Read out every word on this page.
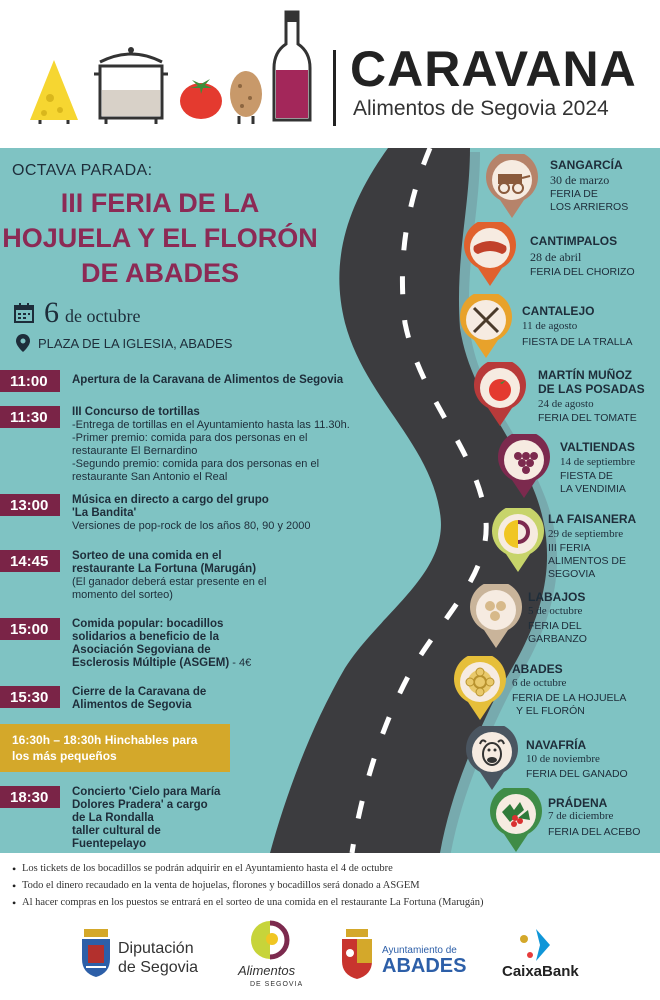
CARAVANA
Alimentos de Segovia 2024
OCTAVA PARADA:
III FERIA DE LA
HOJUELA Y EL FLORÓN
DE ABADES
6 de octubre
PLAZA DE LA IGLESIA, ABADES
11:00	Apertura de la Caravana de Alimentos de Segovia
11:30	III Concurso de tortillas
-Entrega de tortillas en el Ayuntamiento hasta las 11.30h.
-Primer premio: comida para dos personas en el
restaurante El Bernardino
-Segundo premio: comida para dos personas en el
restaurante San Antonio el Real
13:00	Música en directo a cargo del grupo
'La Bandita'
Versiones de pop-rock de los años 80, 90 y 2000
14:45	Sorteo de una comida en el
restaurante La Fortuna (Marugán)
(El ganador deberá estar presente en el
momento del sorteo)
15:00	Comida popular: bocadillos
solidarios a beneficio de la
Asociación Segoviana de
Esclerosis Múltiple (ASGEM) - 4€
15:30	Cierre de la Caravana de
Alimentos de Segovia
16:30h – 18:30h Hinchables para
los más pequeños
18:30	Concierto 'Cielo para María
Dolores Pradera' a cargo
de La Rondalla
taller cultural de
Fuentepelayo
SANGARCÍA
30 de marzo
FERIA DE
LOS ARRIEROS
CANTIMPALOS
28 de abril
FERIA DEL CHORIZO
CANTALEJO
11 de agosto
FIESTA DE LA TRALLA
MARTÍN MUÑOZ
DE LAS POSADAS
24 de agosto
FERIA DEL TOMATE
VALTIENDAS
14 de septiembre
FIESTA DE
LA VENDIMIA
LA FAISANERA
29 de septiembre
III FERIA
ALIMENTOS DE
SEGOVIA
LABAJOS
5 de octubre
FERIA DEL
GARBANZO
ABADES
6 de octubre
FERIA DE LA HOJUELA
Y EL FLORÓN
NAVAFRÍA
10 de noviembre
FERIA DEL GANADO
PRÁDENA
7 de diciembre
FERIA DEL ACEBO
• Los tickets de los bocadillos se podrán adquirir en el Ayuntamiento hasta el 4 de octubre
• Todo el dinero recaudado en la venta de hojuelas, florones y bocadillos será donado a ASGEM
• Al hacer compras en los puestos se entrará en el sorteo de una comida en el restaurante La Fortuna (Marugán)
Diputación
de Segovia	Alimentos
DE SEGOVIA
Ayuntamiento de
ABADES CaixaBank
